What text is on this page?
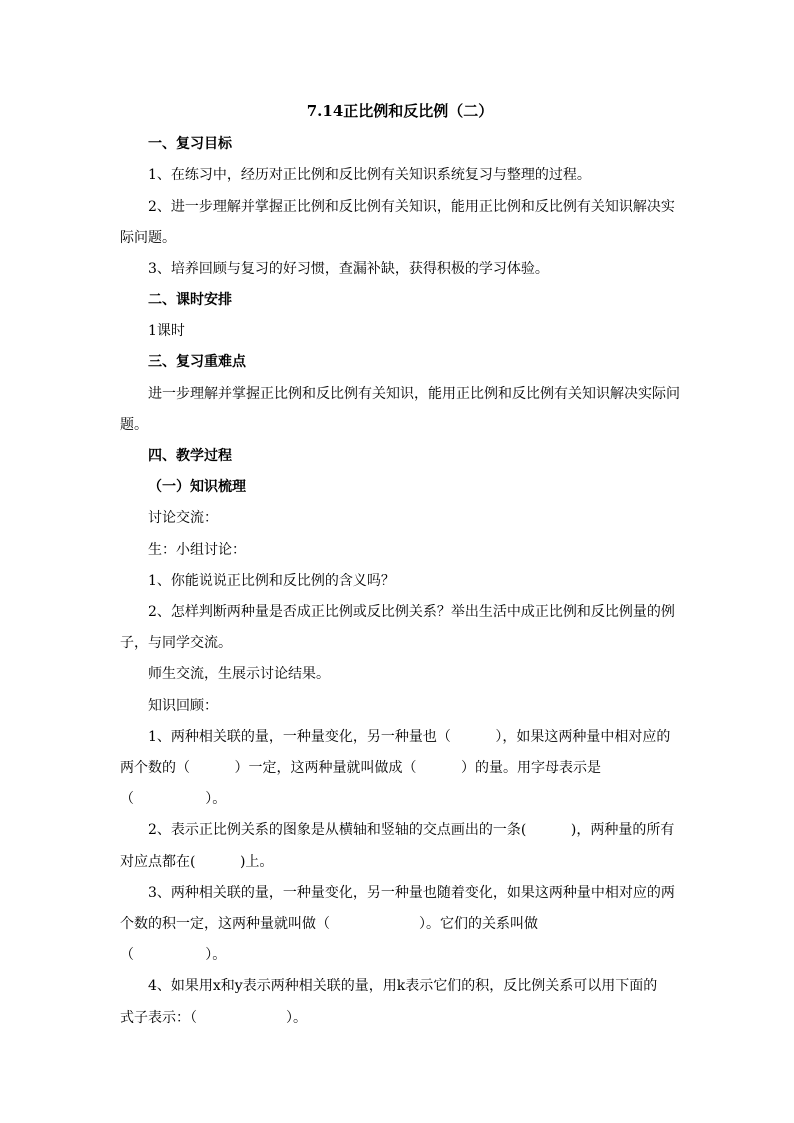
7.14正比例和反比例（二）
一、复习目标
1、在练习中，经历对正比例和反比例有关知识系统复习与整理的过程。
2、进一步理解并掌握正比例和反比例有关知识，能用正比例和反比例有关知识解决实
际问题。
3、培养回顾与复习的好习惯，查漏补缺，获得积极的学习体验。
二、课时安排
1课时
三、复习重难点
进一步理解并掌握正比例和反比例有关知识，能用正比例和反比例有关知识解决实际问
题。
四、教学过程
（一）知识梳理
讨论交流：
生：小组讨论：
1、你能说说正比例和反比例的含义吗？
2、怎样判断两种量是否成正比例或反比例关系？举出生活中成正比例和反比例量的例
子，与同学交流。
师生交流，生展示讨论结果。
知识回顾：
1、两种相关联的量，一种量变化，另一种量也（          ），如果这两种量中相对应的
两个数的（          ）一定，这两种量就叫做成（          ）的量。用字母表示是
（                ）。
2、表示正比例关系的图象是从横轴和竖轴的交点画出的一条(          )，两种量的所有
对应点都在(          )上。
3、两种相关联的量，一种量变化，另一种量也随着变化，如果这两种量中相对应的两
个数的积一定，这两种量就叫做（                    ）。它们的关系叫做
（                ）。
4、如果用x和y表示两种相关联的量，用k表示它们的积，反比例关系可以用下面的
式子表示：（                    ）。
